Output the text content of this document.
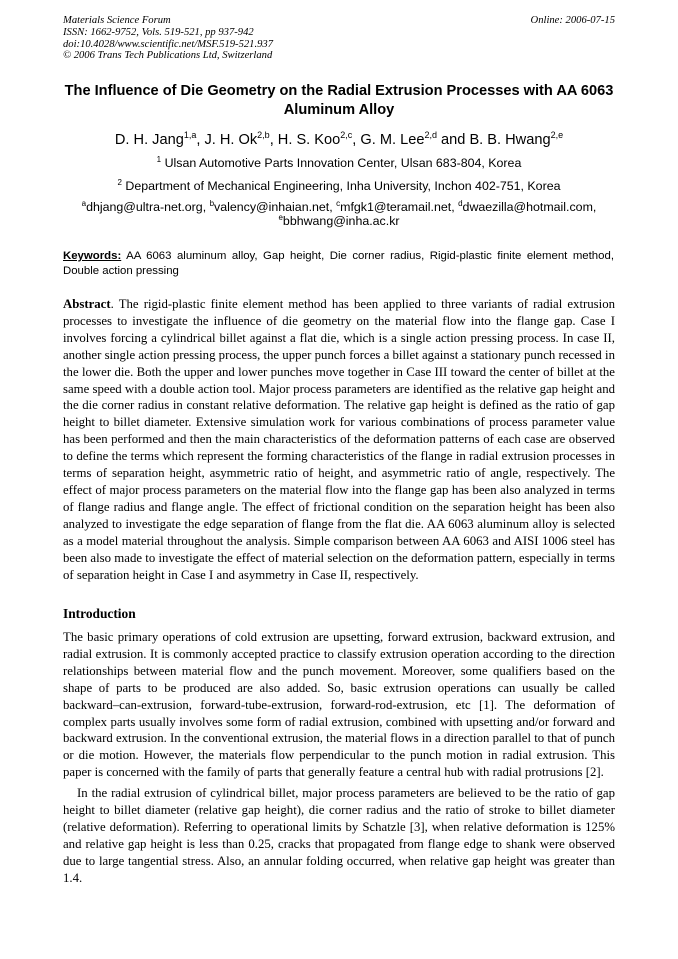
Materials Science Forum
ISSN: 1662-9752, Vols. 519-521, pp 937-942
doi:10.4028/www.scientific.net/MSF.519-521.937
© 2006 Trans Tech Publications Ltd, Switzerland
Online: 2006-07-15
The Influence of Die Geometry on the Radial Extrusion Processes with AA 6063 Aluminum Alloy
D. H. Jang$^{1,a}$, J. H. Ok$^{2,b}$, H. S. Koo$^{2,c}$, G. M. Lee$^{2,d}$ and B. B. Hwang$^{2,e}$
$^1$ Ulsan Automotive Parts Innovation Center, Ulsan 683-804, Korea
$^2$ Department of Mechanical Engineering, Inha University, Inchon 402-751, Korea
$^a$dhjang@ultra-net.org, $^b$valency@inhaian.net, $^c$mfgk1@teramail.net, $^d$dwaezilla@hotmail.com,
$^e$bbhwang@inha.ac.kr
Keywords: AA 6063 aluminum alloy, Gap height, Die corner radius, Rigid-plastic finite element method, Double action pressing
Abstract. The rigid-plastic finite element method has been applied to three variants of radial extrusion processes to investigate the influence of die geometry on the material flow into the flange gap. Case I involves forcing a cylindrical billet against a flat die, which is a single action pressing process. In case II, another single action pressing process, the upper punch forces a billet against a stationary punch recessed in the lower die. Both the upper and lower punches move together in Case III toward the center of billet at the same speed with a double action tool. Major process parameters are identified as the relative gap height and the die corner radius in constant relative deformation. The relative gap height is defined as the ratio of gap height to billet diameter. Extensive simulation work for various combinations of process parameter value has been performed and then the main characteristics of the deformation patterns of each case are observed to define the terms which represent the forming characteristics of the flange in radial extrusion processes in terms of separation height, asymmetric ratio of height, and asymmetric ratio of angle, respectively. The effect of major process parameters on the material flow into the flange gap has been also analyzed in terms of flange radius and flange angle. The effect of frictional condition on the separation height has been also analyzed to investigate the edge separation of flange from the flat die. AA 6063 aluminum alloy is selected as a model material throughout the analysis. Simple comparison between AA 6063 and AISI 1006 steel has been also made to investigate the effect of material selection on the deformation pattern, especially in terms of separation height in Case I and asymmetry in Case II, respectively.
Introduction
The basic primary operations of cold extrusion are upsetting, forward extrusion, backward extrusion, and radial extrusion. It is commonly accepted practice to classify extrusion operation according to the direction relationships between material flow and the punch movement. Moreover, some qualifiers based on the shape of parts to be produced are also added. So, basic extrusion operations can usually be called backward–can-extrusion, forward-tube-extrusion, forward-rod-extrusion, etc [1]. The deformation of complex parts usually involves some form of radial extrusion, combined with upsetting and/or forward and backward extrusion. In the conventional extrusion, the material flows in a direction parallel to that of punch or die motion. However, the materials flow perpendicular to the punch motion in radial extrusion. This paper is concerned with the family of parts that generally feature a central hub with radial protrusions [2].
In the radial extrusion of cylindrical billet, major process parameters are believed to be the ratio of gap height to billet diameter (relative gap height), die corner radius and the ratio of stroke to billet diameter (relative deformation). Referring to operational limits by Schatzle [3], when relative deformation is 125% and relative gap height is less than 0.25, cracks that propagated from flange edge to shank were observed due to large tangential stress. Also, an annular folding occurred, when relative gap height was greater than 1.4.
